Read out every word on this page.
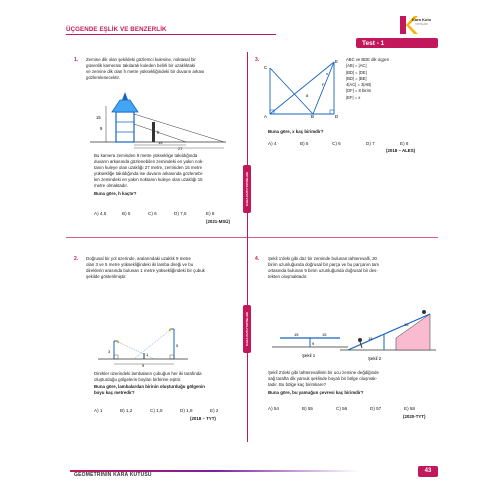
ÜÇGENDE EŞLİK VE BENZERLİK
Kara Kutu
YAYINLARI
Test - 1
KARA KUTU YAYINLARI
KARA KUTU YAYINLARI
1. Zemine dik olan şekildeki gözlemci kulesine, noktasal bir
güvenlik kamerası takılarak kuleden belirli bir uzaklıktaki
ve zemine dik olan h metre yüksekliğindeki bir duvarın arkası
gözlemlenecektir.
15
9
h
15
27
Bu kamera zeminden 9 metre yükseklige takıldığında
duvarın arkasında gözlenebilen zemindeki en yakın nok-
tanın kuleye olan uzaklığı 27 metre, zeminden 15 metre
yüksekliğe takıldığında ise duvarın arkasında gözlenebi-
len zemindeki en yakın noktanın kuleye olan uzaklığı 15
metre olmaktadır.
Buna göre, h kaçtır?
A) 4,5	B) 5	C) 6	D) 7,5	E) 8
(2021-MSÜ)
3.
C
A	B
E
D
F
x
8
ABC ve BDE dik üçgen
|AB| = |AC|
|BD| = |DE|
|BD| = |BE|
4|AC| = 3|AB|
|DF| = 8 birim
|EF| = x
Buna göre, x kaç birimdir?
A) 4	B) 5	C) 6	D) 7	E) 8
(2018 – ALES)
2. Doğrusal bir yol üzerinde, aralarındaki uzaklık 9 metre
olan 3 ve 5 metre yüksekliğindeki iki lamba direği ve bu
direklerin arasında bulunan 1 metre yüksekliğindeki bir çubuk
şekilde gösterilmiştir.
3
1
5
9
Direkler üzerindeki lambaların çubuğun her iki tarafında
oluşturduğu gölgelerin boyları birbirine eşittir.
Buna göre, lambalardan birinin oluşturduğu gölgenin
boyu kaç metredir?
A) 1	B) 1,2	C) 1,5	D) 1,8	E) 2
(2018 – TYT)
4. Şekil 1'deki gibi düz bir zeminde bulunan tahterevalli, 30
birim uzunluğunda doğrusal bir parça ve bu parçanın tam
ortasında bulunan 9 birim uzunluğunda doğrusal bir des-
tekten oluşmaktadır.
15	15
9
Şekil 1
15
15
Şekil 2
Şekil 2'deki gibi tahterevallinin bir ucu zemine değdiğinde
sağ tarafta dik yamuk şeklinde boyalı bir bölge oluşmak-
tadır. Bu bölge kaç birimkare?
Buna göre, bu yamuğun çevresi kaç birimdir?
A) 54	B) 55	C) 56	D) 57	E) 58
(2020-TYT)
GEOMETRİNİN KARA KUTUSU
43
